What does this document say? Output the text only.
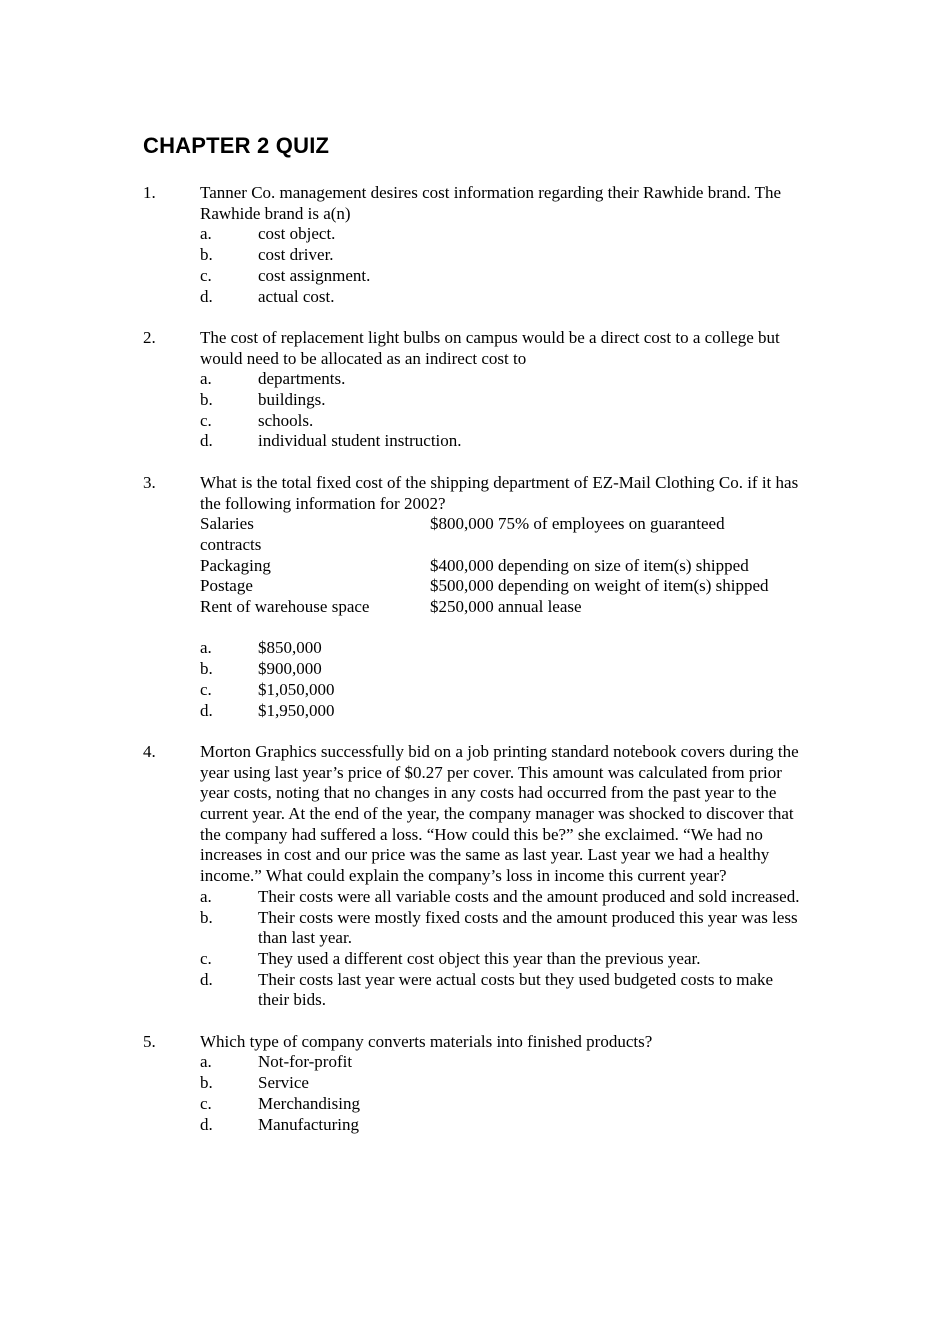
CHAPTER 2 QUIZ
1.	Tanner Co. management desires cost information regarding their Rawhide brand. The Rawhide brand is a(n)
a.	cost object.
b.	cost driver.
c.	cost assignment.
d.	actual cost.
2.	The cost of replacement light bulbs on campus would be a direct cost to a college but would need to be allocated as an indirect cost to
a.	departments.
b.	buildings.
c.	schools.
d.	individual student instruction.
3.	What is the total fixed cost of the shipping department of EZ-Mail Clothing Co. if it has the following information for 2002?
Salaries	$800,000 75% of employees on guaranteed
contracts
Packaging	$400,000 depending on size of item(s) shipped
Postage	$500,000 depending on weight of item(s) shipped
Rent of warehouse space	$250,000 annual lease
a.	$850,000
b.	$900,000
c.	$1,050,000
d.	$1,950,000
4.	Morton Graphics successfully bid on a job printing standard notebook covers during the year using last year’s price of $0.27 per cover. This amount was calculated from prior year costs, noting that no changes in any costs had occurred from the past year to the current year. At the end of the year, the company manager was shocked to discover that the company had suffered a loss. “How could this be?” she exclaimed. “We had no increases in cost and our price was the same as last year. Last year we had a healthy income.” What could explain the company’s loss in income this current year?
a.	Their costs were all variable costs and the amount produced and sold increased.
b.	Their costs were mostly fixed costs and the amount produced this year was less than last year.
c.	They used a different cost object this year than the previous year.
d.	Their costs last year were actual costs but they used budgeted costs to make their bids.
5.	Which type of company converts materials into finished products?
a.	Not-for-profit
b.	Service
c.	Merchandising
d.	Manufacturing
